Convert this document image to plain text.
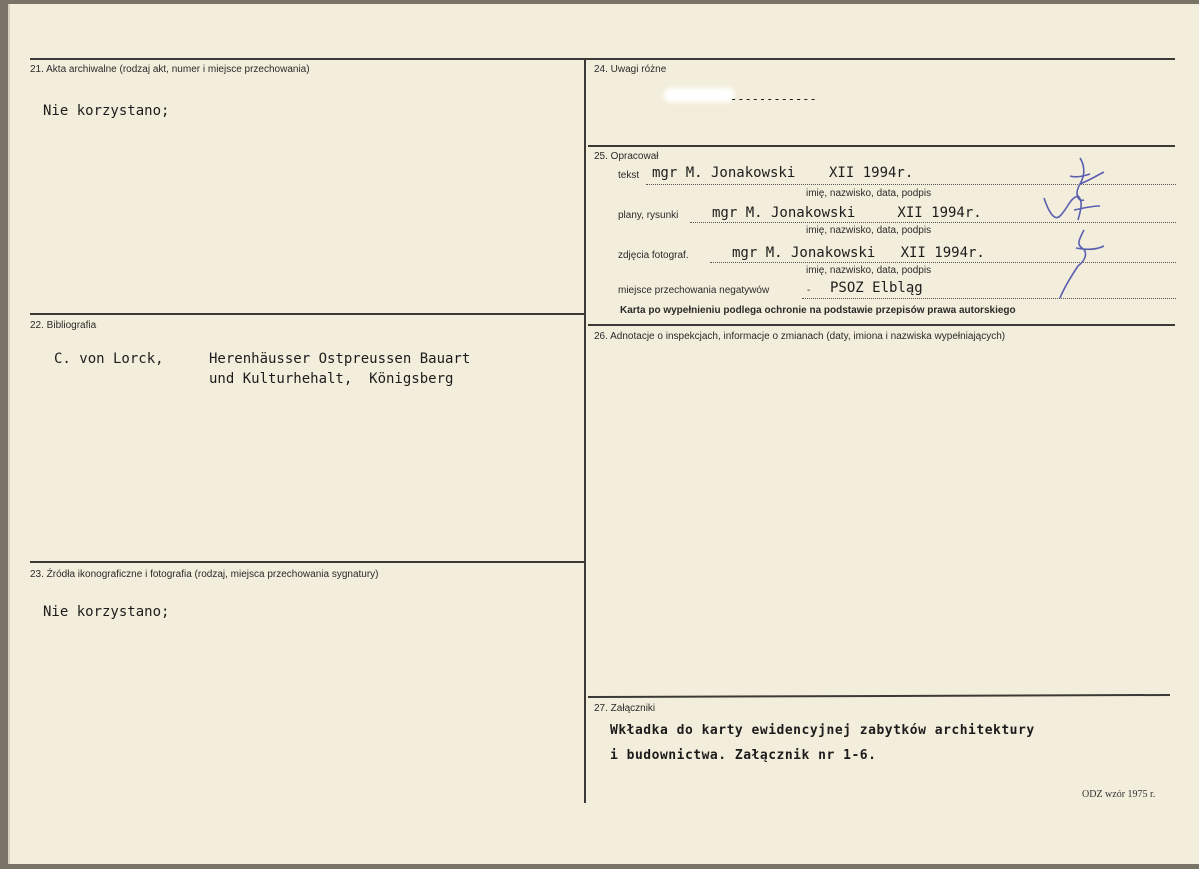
21. Akta archiwalne (rodzaj akt, numer i miejsce przechowania)
Nie korzystano;
22. Bibliografia
C. von Lorck,	Herenhäusser Ostpreussen Bauart
und Kulturhehalt,  Königsberg
23. Źródła ikonograficzne i fotografia (rodzaj, miejsca przechowania sygnatury)
Nie korzystano;
24. Uwagi różne
------------
25. Opracował
tekst mgr M. Jonakowski    XII 1994r.
imię, nazwisko, data, podpis
plany, rysunki mgr M. Jonakowski     XII 1994r.
imię, nazwisko, data, podpis
zdjęcia fotograf.	mgr M. Jonakowski   XII 1994r.
imię, nazwisko, data, podpis
miejsce przechowania negatywów	- PSOZ Elbląg
Karta po wypełnieniu podlega ochronie na podstawie przepisów prawa autorskiego
26. Adnotacje o inspekcjach, informacje o zmianach (daty, imiona i nazwiska wypełniających)
27. Załączniki
Wkładka do karty ewidencyjnej zabytków architektury
i budownictwa. Załącznik nr 1-6.
ODZ wzór 1975 r.
